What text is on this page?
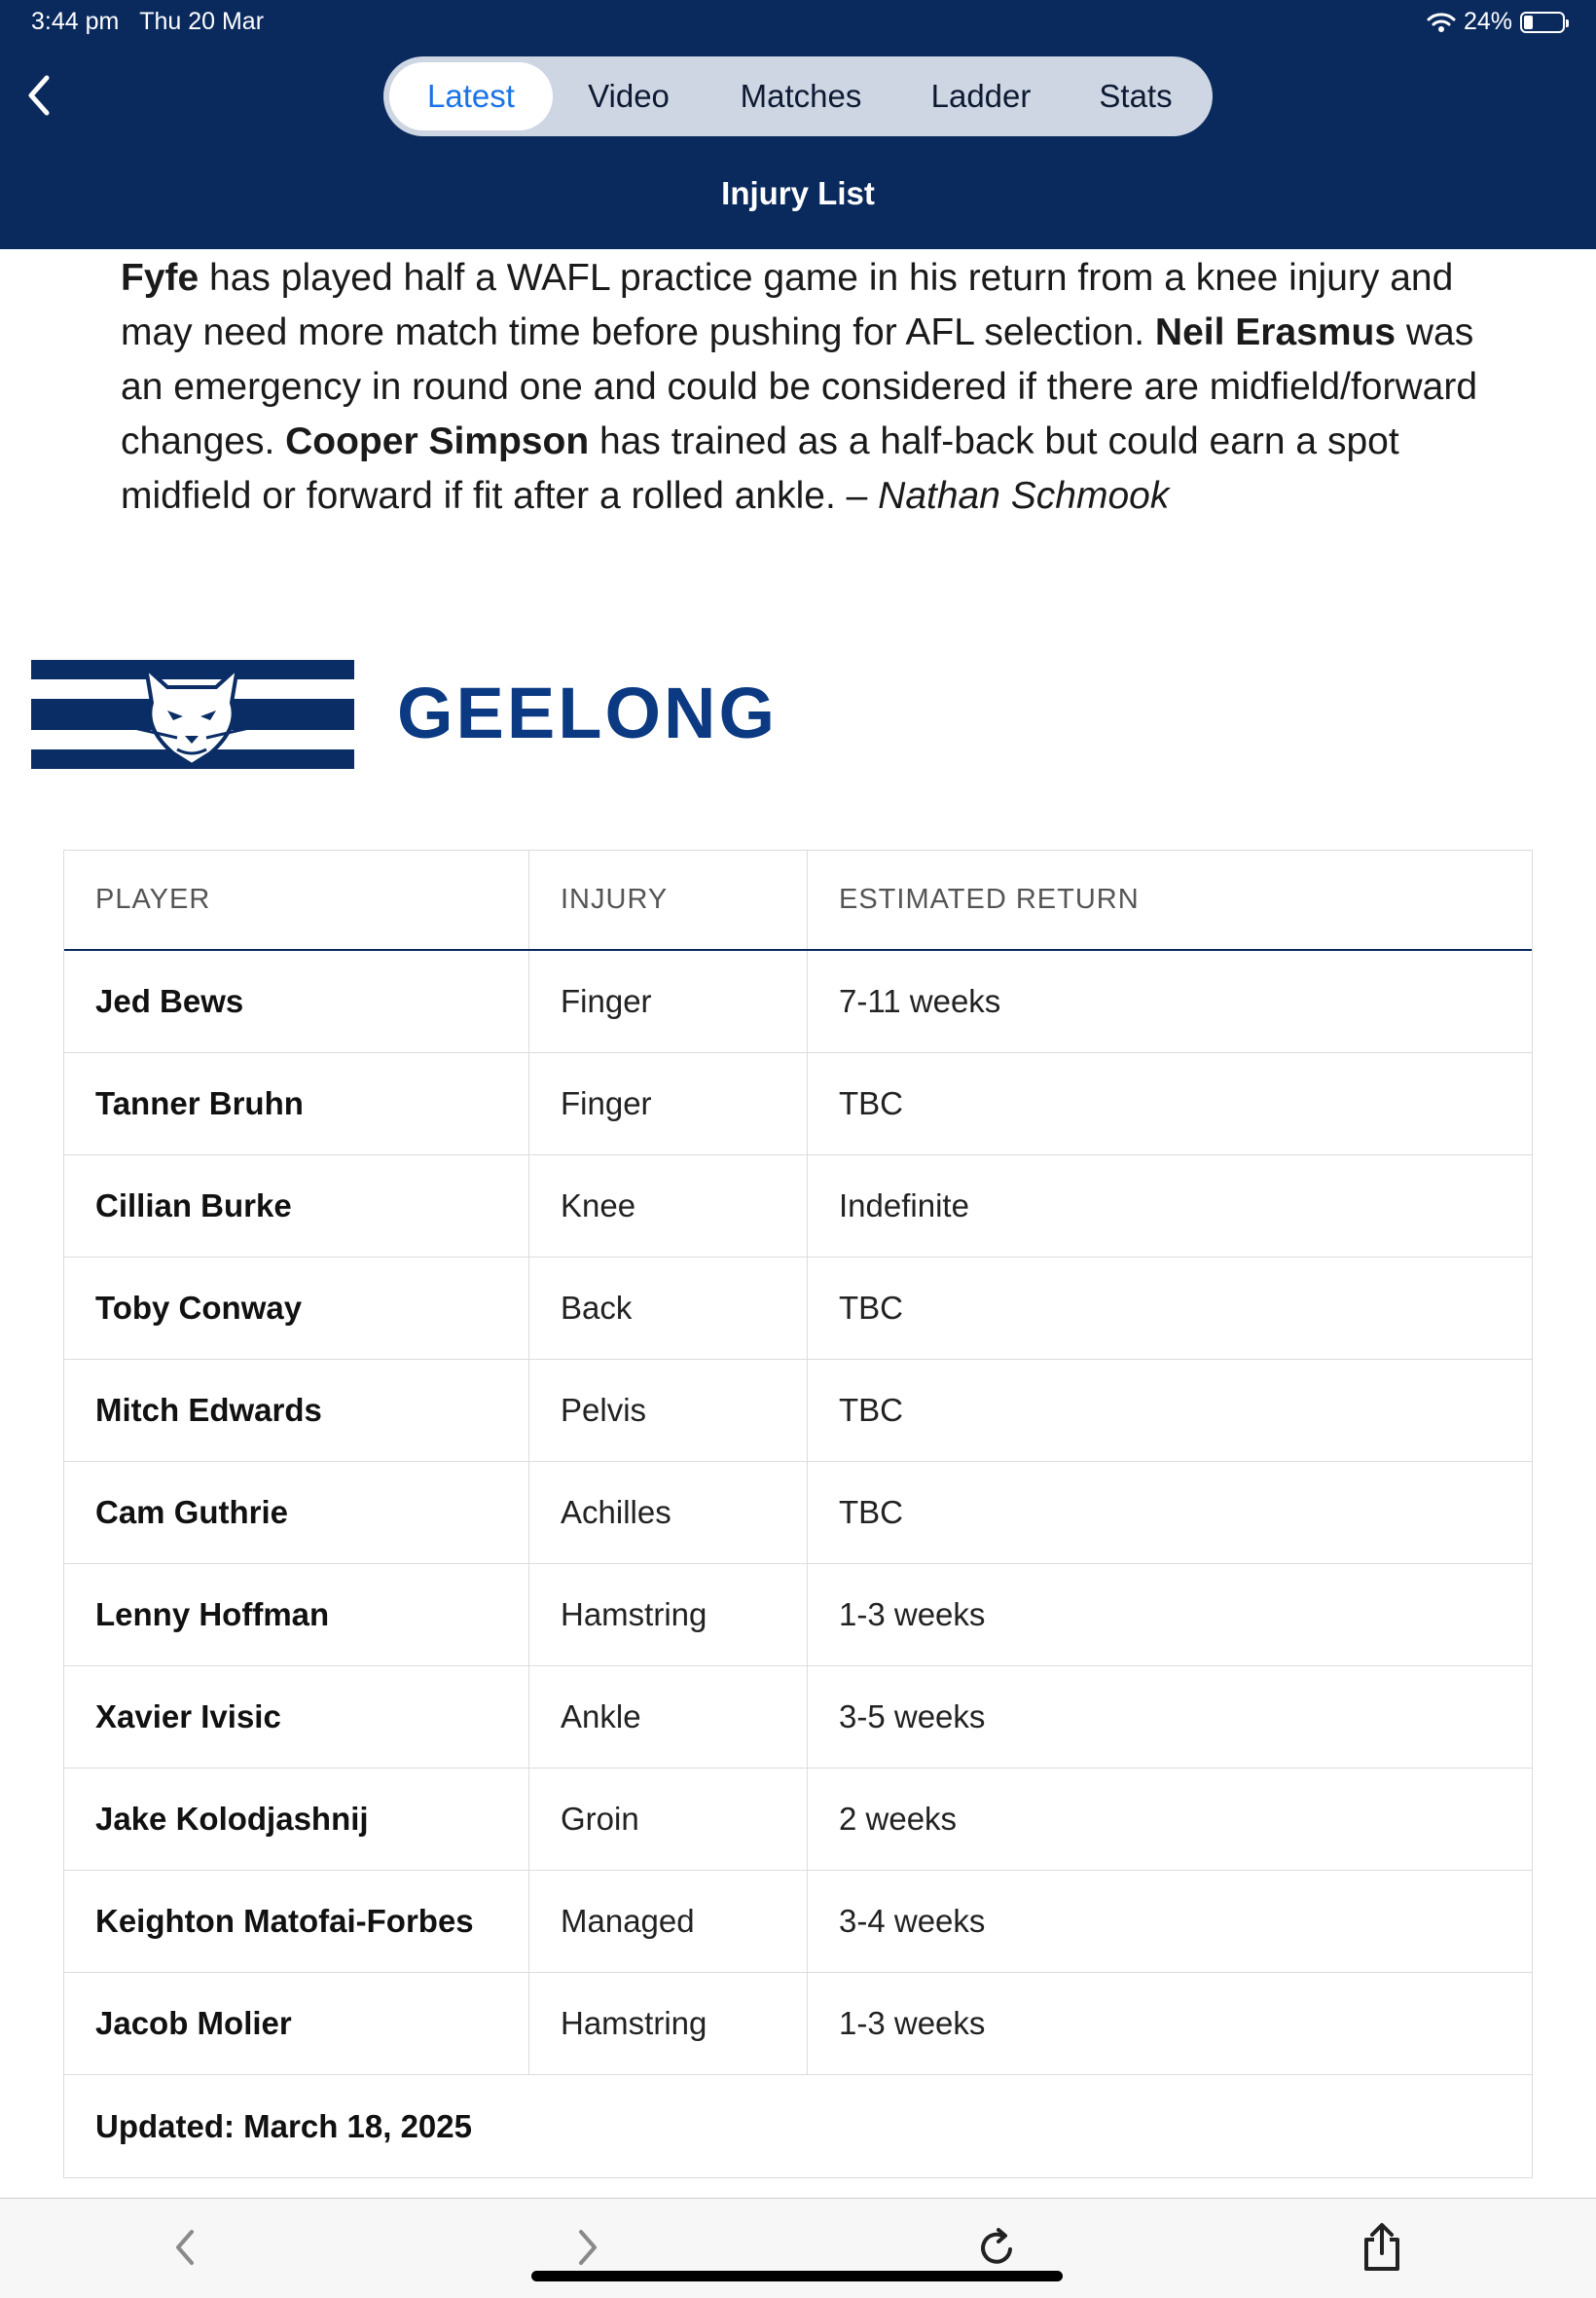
3:44 pm Thu 20 Mar	24%
Latest	Video	Matches	Ladder	Stats
Injury List
Fyfe has played half a WAFL practice game in his return from a knee injury and may need more match time before pushing for AFL selection. Neil Erasmus was an emergency in round one and could be considered if there are midfield/forward changes. Cooper Simpson has trained as a half-back but could earn a spot midfield or forward if fit after a rolled ankle. – Nathan Schmook
GEELONG
PLAYER	INJURY	ESTIMATED RETURN
Jed Bews	Finger	7-11 weeks
Tanner Bruhn	Finger	TBC
Cillian Burke	Knee	Indefinite
Toby Conway	Back	TBC
Mitch Edwards	Pelvis	TBC
Cam Guthrie	Achilles	TBC
Lenny Hoffman	Hamstring	1-3 weeks
Xavier Ivisic	Ankle	3-5 weeks
Jake Kolodjashnij	Groin	2 weeks
Keighton Matofai-Forbes	Managed	3-4 weeks
Jacob Molier	Hamstring	1-3 weeks
Updated: March 18, 2025
